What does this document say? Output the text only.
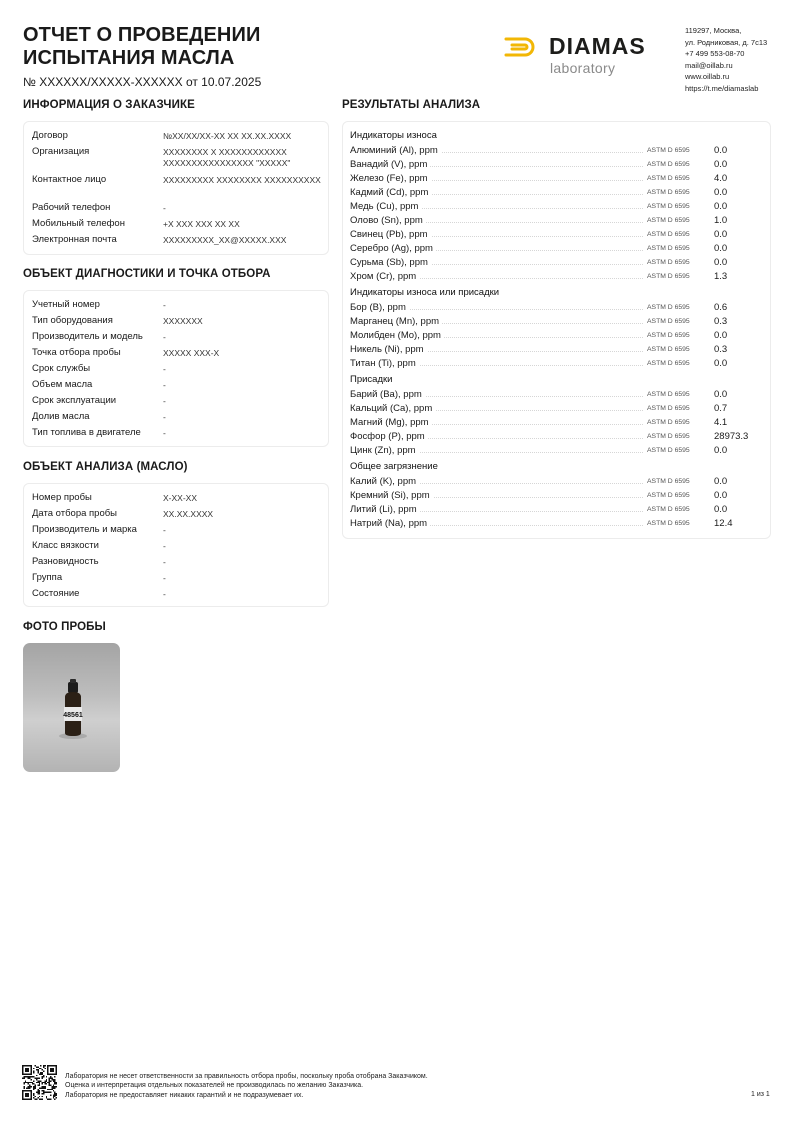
ОТЧЕТ О ПРОВЕДЕНИИ
ИСПЫТАНИЯ МАСЛА
№ XXXXXX/XXXXX-XXXXXX от 10.07.2025
DIAMAS
laboratory
119297, Москва,
ул. Родниковая, д. 7с13
+7 499 553-08-70
mail@oillab.ru
www.oillab.ru
https://t.me/diamaslab
ИНФОРМАЦИЯ О ЗАКАЗЧИКЕ
Договор	№XX/XX/XX-XX XX XX.XX.XXXX
Организация	XXXXXXXX X XXXXXXXXXXXX XXXXXXXXXXXXXXXX "XXXXX"
Контактное лицо	XXXXXXXXX XXXXXXXX XXXXXXXXXX
Рабочий телефон	-
Мобильный телефон	+X XXX XXX XX XX
Электронная почта	XXXXXXXXX_XX@XXXXX.XXX
ОБЪЕКТ ДИАГНОСТИКИ И ТОЧКА ОТБОРА
Учетный номер	-
Тип оборудования	XXXXXXX
Производитель и модель	-
Точка отбора пробы	XXXXX XXX-X
Срок службы	-
Объем масла	-
Срок эксплуатации	-
Долив масла	-
Тип топлива в двигателе	-
ОБЪЕКТ АНАЛИЗА (МАСЛО)
Номер пробы	X-XX-XX
Дата отбора пробы	XX.XX.XXXX
Производитель и марка	-
Класс вязкости	-
Разновидность	-
Группа	-
Состояние	-
ФОТО ПРОБЫ
48561
РЕЗУЛЬТАТЫ АНАЛИЗА
Индикаторы износа
Алюминий (Al), ppm	ASTM D 6595	0.0
Ванадий (V), ppm	ASTM D 6595	0.0
Железо (Fe), ppm	ASTM D 6595	4.0
Кадмий (Cd), ppm	ASTM D 6595	0.0
Медь (Cu), ppm	ASTM D 6595	0.0
Олово (Sn), ppm	ASTM D 6595	1.0
Свинец (Pb), ppm	ASTM D 6595	0.0
Серебро (Ag), ppm	ASTM D 6595	0.0
Сурьма (Sb), ppm	ASTM D 6595	0.0
Хром (Cr), ppm	ASTM D 6595	1.3
Индикаторы износа или присадки
Бор (B), ppm	ASTM D 6595	0.6
Марганец (Mn), ppm	ASTM D 6595	0.3
Молибден (Mo), ppm	ASTM D 6595	0.0
Никель (Ni), ppm	ASTM D 6595	0.3
Титан (Ti), ppm	ASTM D 6595	0.0
Присадки
Барий (Ba), ppm	ASTM D 6595	0.0
Кальций (Ca), ppm	ASTM D 6595	0.7
Магний (Mg), ppm	ASTM D 6595	4.1
Фосфор (P), ppm	ASTM D 6595	28973.3
Цинк (Zn), ppm	ASTM D 6595	0.0
Общее загрязнение
Калий (K), ppm	ASTM D 6595	0.0
Кремний (Si), ppm	ASTM D 6595	0.0
Литий (Li), ppm	ASTM D 6595	0.0
Натрий (Na), ppm	ASTM D 6595	12.4
Лаборатория не несет ответственности за правильность отбора пробы, поскольку проба отобрана Заказчиком.
Оценка и интерпретация отдельных показателей не производилась по желанию Заказчика.
Лаборатория не предоставляет никаких гарантий и не подразумевает их.	1 из 1
